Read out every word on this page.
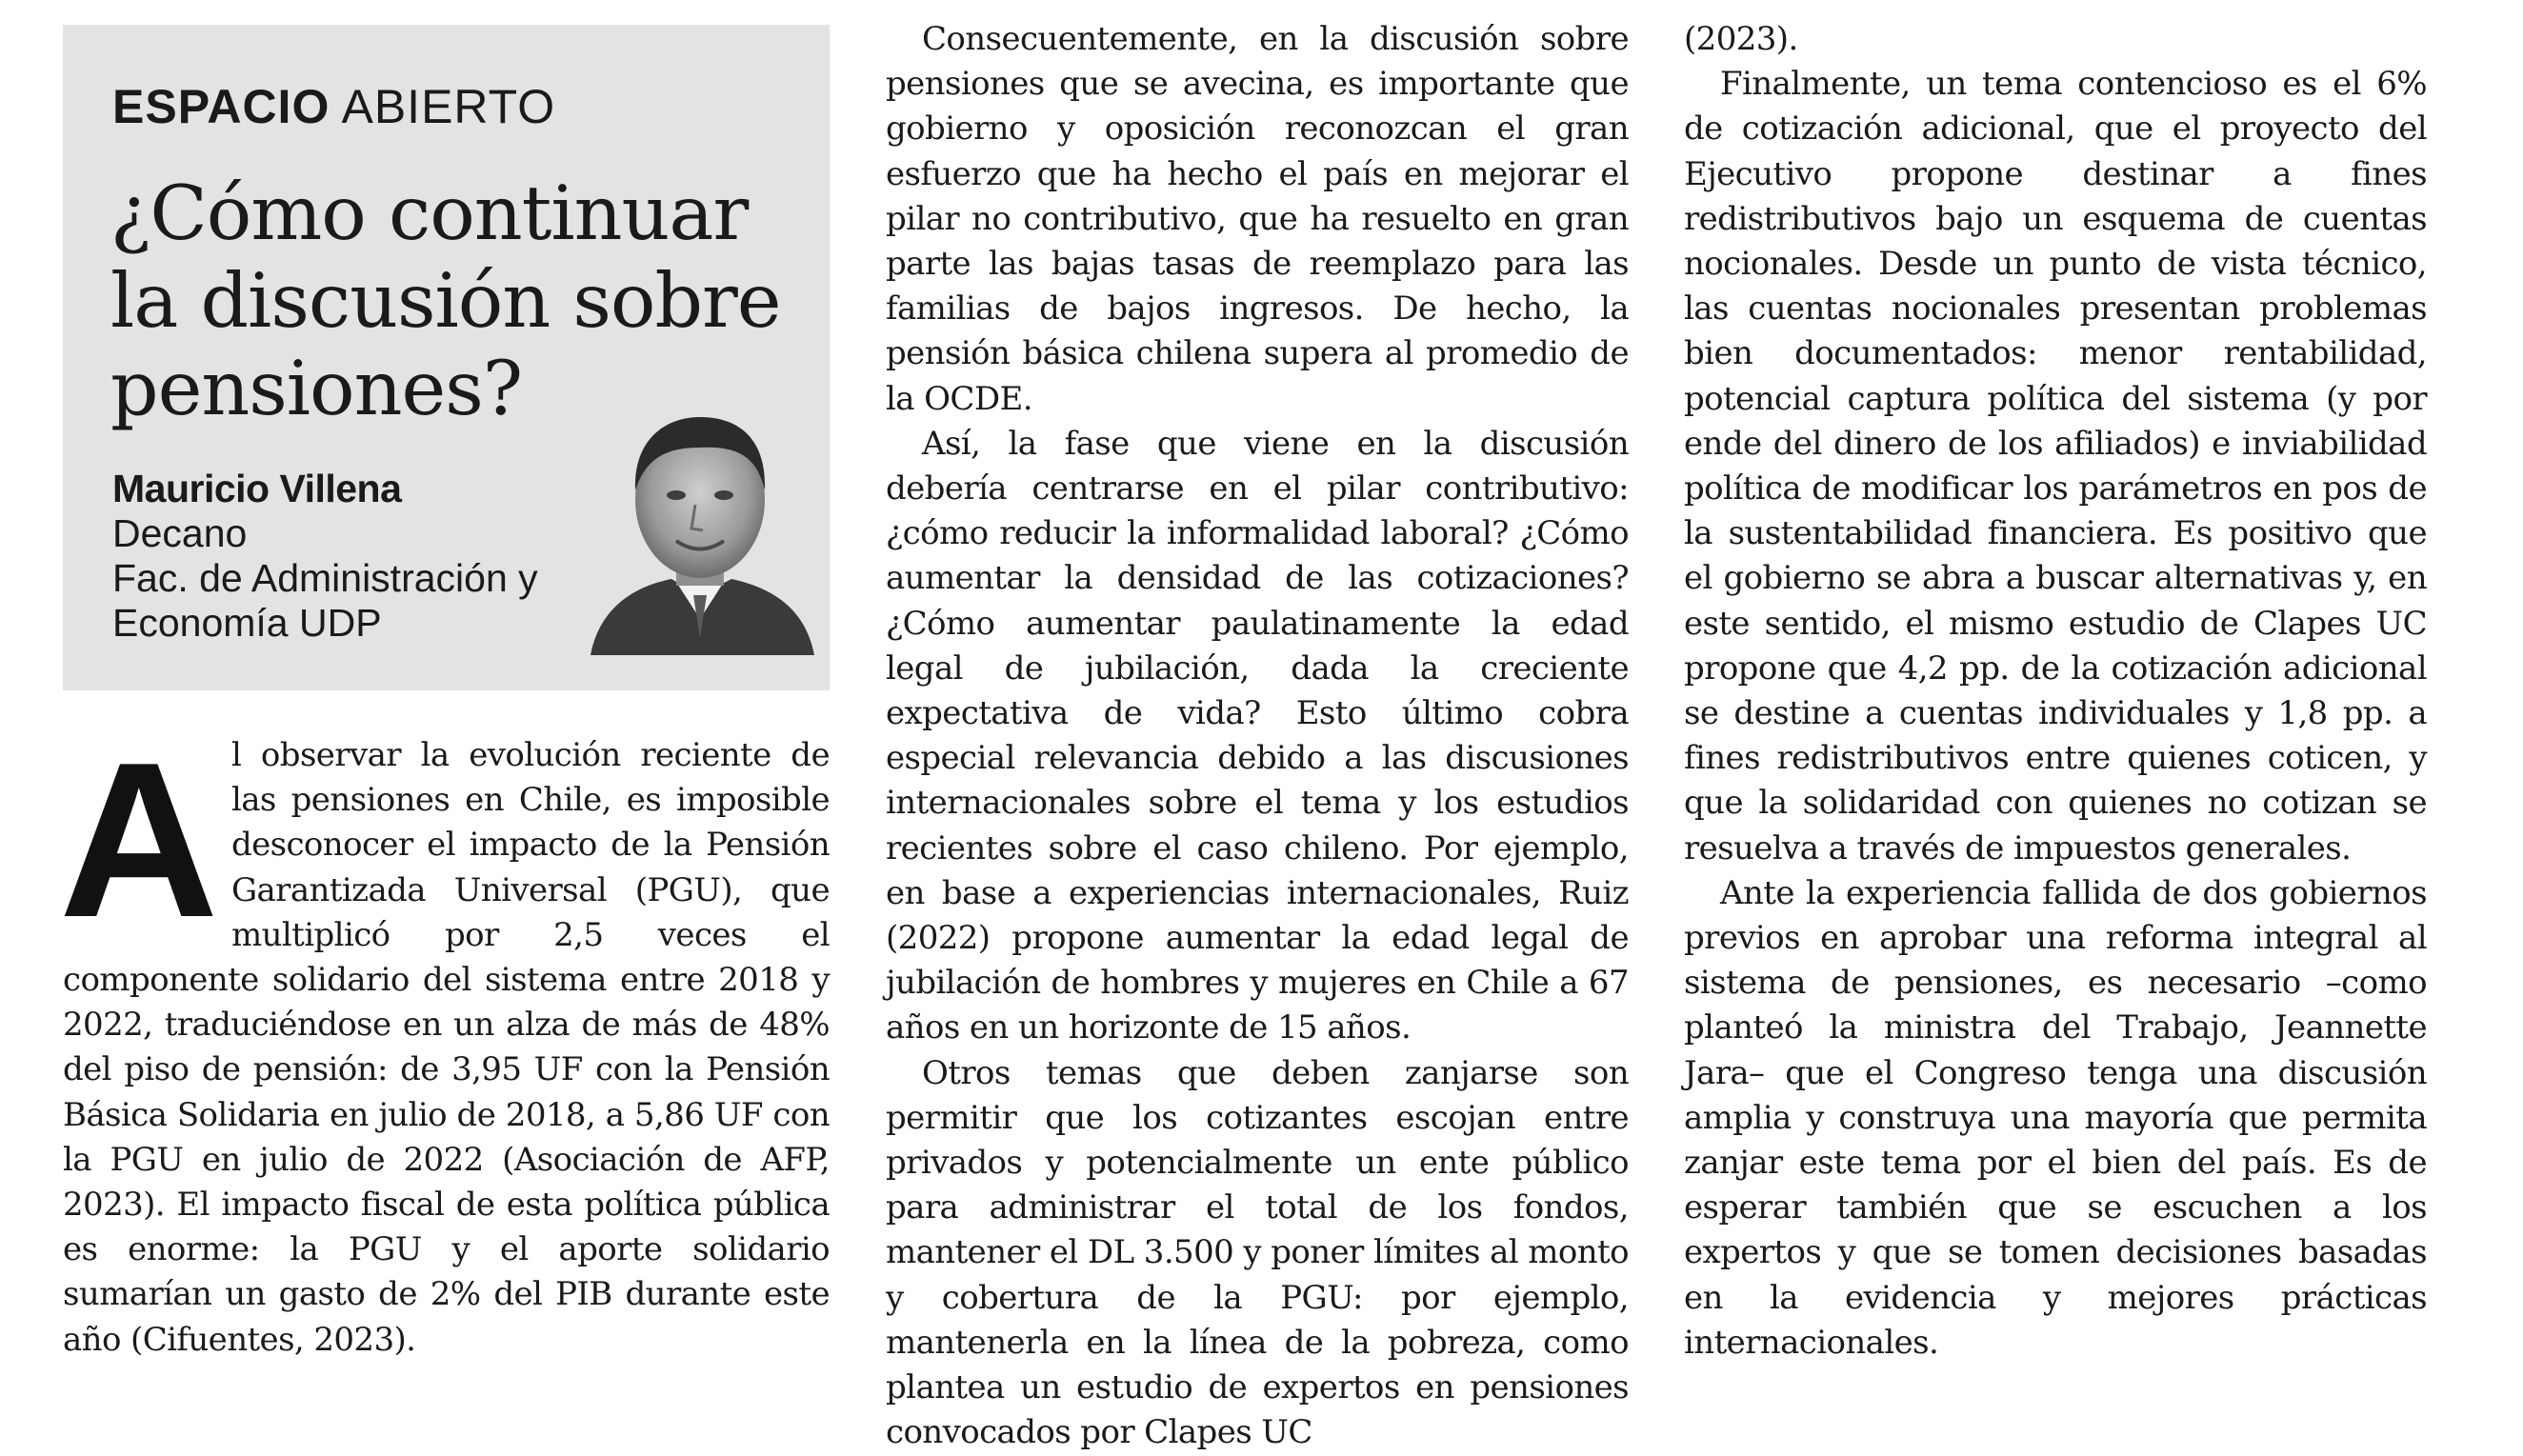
ESPACIO ABIERTO
¿Cómo continuar
la discusión sobre
pensiones?
Mauricio Villena
Decano
Fac. de Administración y
Economía UDP
A l observar la evolución reciente de las pensiones en Chile, es imposible desconocer el impacto de la Pensión Garantizada Universal (PGU), que multiplicó por 2,5 veces el componente solidario del sistema entre 2018 y 2022, traduciéndose en un alza de más de 48% del piso de pensión: de 3,95 UF con la Pensión Básica Solidaria en julio de 2018, a 5,86 UF con la PGU en julio de 2022 (Asociación de AFP, 2023). El impacto fiscal de esta política pública es enorme: la PGU y el aporte solidario sumarían un gasto de 2% del PIB durante este año (Cifuentes, 2023).

Consecuentemente, en la discusión sobre pensiones que se avecina, es importante que gobierno y oposición reconozcan el gran esfuerzo que ha hecho el país en mejorar el pilar no contributivo, que ha resuelto en gran parte las bajas tasas de reemplazo para las familias de bajos ingresos. De hecho, la pensión básica chilena supera al promedio de la OCDE.

Así, la fase que viene en la discusión debería centrarse en el pilar contributivo: ¿cómo reducir la informalidad laboral? ¿Cómo aumentar la densidad de las cotizaciones? ¿Cómo aumentar paulatinamente la edad legal de jubilación, dada la creciente expectativa de vida? Esto último cobra especial relevancia debido a las discusiones internacionales sobre el tema y los estudios recientes sobre el caso chileno. Por ejemplo, en base a experiencias internacionales, Ruiz (2022) propone aumentar la edad legal de jubilación de hombres y mujeres en Chile a 67 años en un horizonte de 15 años.

Otros temas que deben zanjarse son permitir que los cotizantes escojan entre privados y potencialmente un ente público para administrar el total de los fondos, mantener el DL 3.500 y poner límites al monto y cobertura de la PGU: por ejemplo, mantenerla en la línea de la pobreza, como plantea un estudio de expertos en pensiones convocados por Clapes UC

(2023).

Finalmente, un tema contencioso es el 6% de cotización adicional, que el proyecto del Ejecutivo propone destinar a fines redistributivos bajo un esquema de cuentas nocionales. Desde un punto de vista técnico, las cuentas nocionales presentan problemas bien documentados: menor rentabilidad, potencial captura política del sistema (y por ende del dinero de los afiliados) e inviabilidad política de modificar los parámetros en pos de la sustentabilidad financiera. Es positivo que el gobierno se abra a buscar alternativas y, en este sentido, el mismo estudio de Clapes UC propone que 4,2 pp. de la cotización adicional se destine a cuentas individuales y 1,8 pp. a fines redistributivos entre quienes coticen, y que la solidaridad con quienes no cotizan se resuelva a través de impuestos generales.

Ante la experiencia fallida de dos gobiernos previos en aprobar una reforma integral al sistema de pensiones, es necesario –como planteó la ministra del Trabajo, Jeannette Jara– que el Congreso tenga una discusión amplia y construya una mayoría que permita zanjar este tema por el bien del país. Es de esperar también que se escuchen a los expertos y que se tomen decisiones basadas en la evidencia y mejores prácticas internacionales.
